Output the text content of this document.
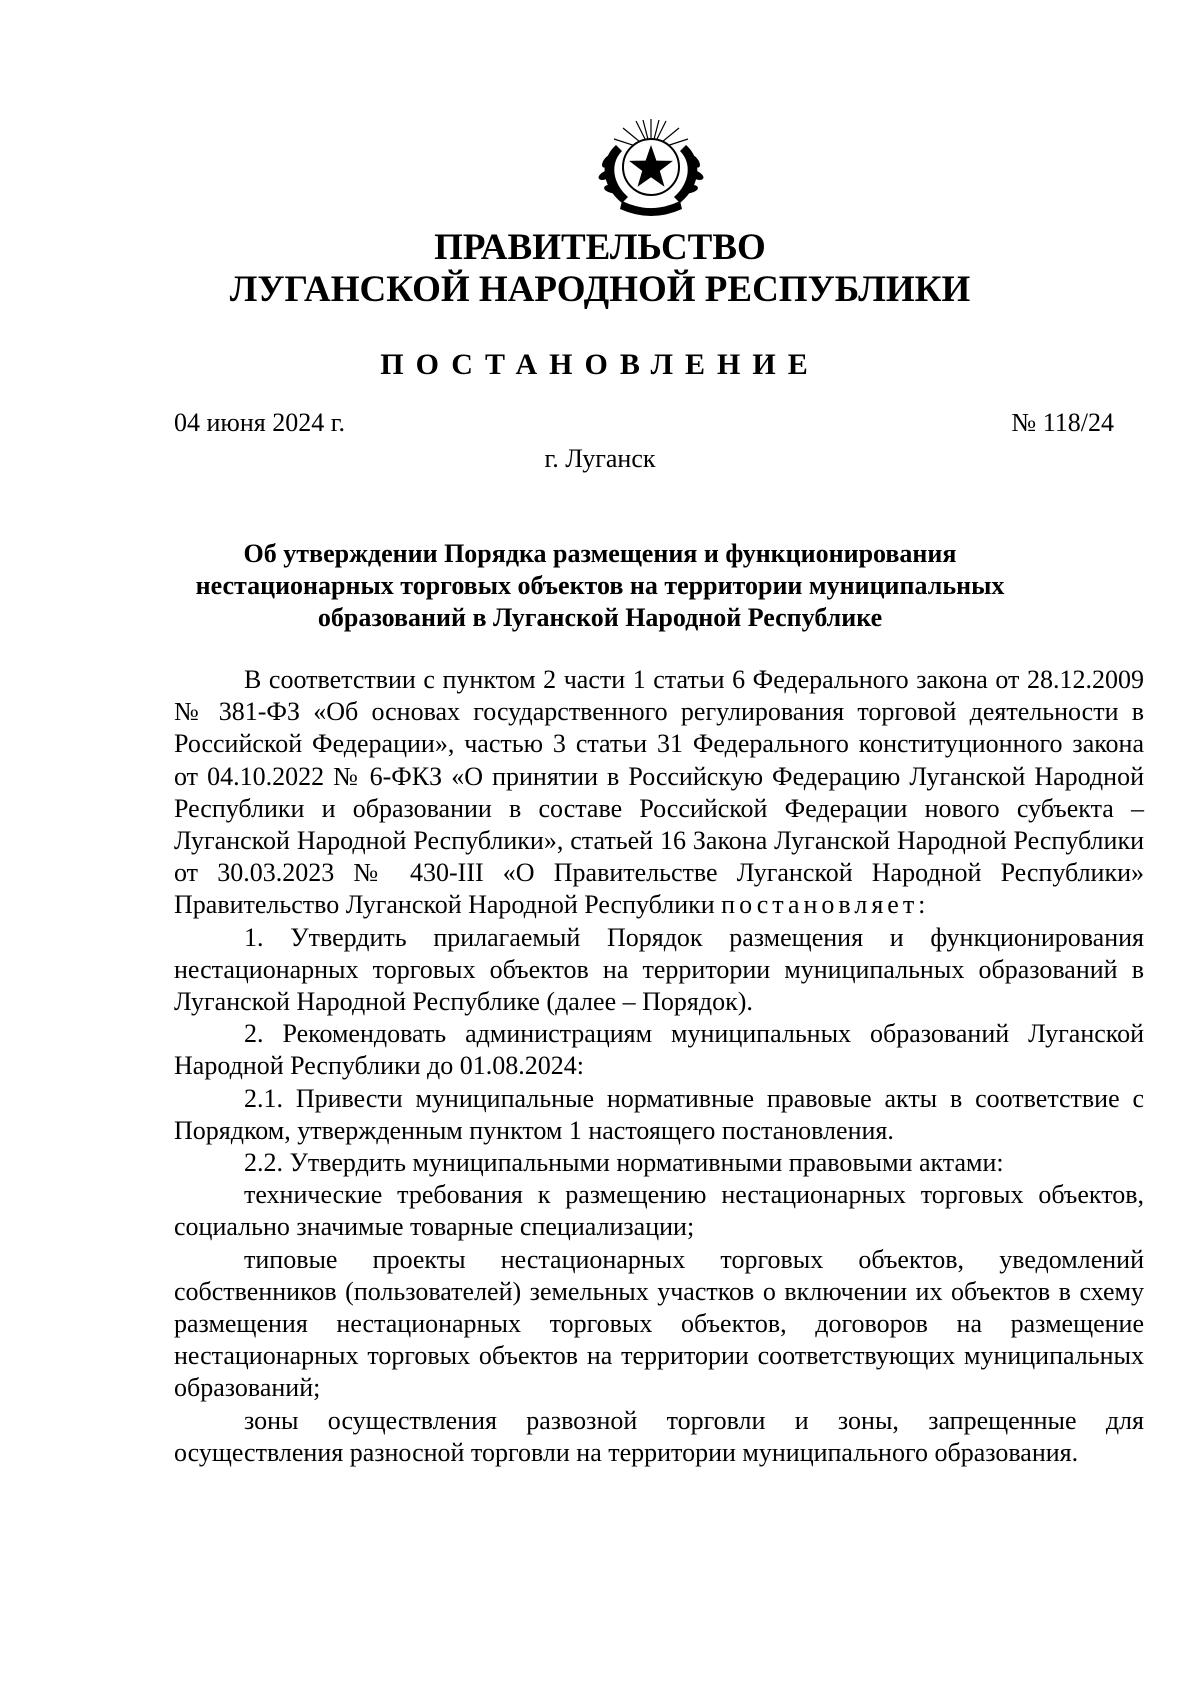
ПРАВИТЕЛЬСТВО
ЛУГАНСКОЙ НАРОДНОЙ РЕСПУБЛИКИ
ПОСТАНОВЛЕНИЕ
04 июня 2024 г.	№ 118/24
г. Луганск
Об утверждении Порядка размещения и функционирования
нестационарных торговых объектов на территории муниципальных
образований в Луганской Народной Республике

В соответствии с пунктом 2 части 1 статьи 6 Федерального закона от 28.12.2009 № 381-ФЗ «Об основах государственного регулирования торговой деятельности в Российской Федерации», частью 3 статьи 31 Федерального конституционного закона от 04.10.2022 № 6-ФКЗ «О принятии в Российскую Федерацию Луганской Народной Республики и образовании в составе Российской Федерации нового субъекта – Луганской Народной Республики», статьей 16 Закона Луганской Народной Республики от 30.03.2023 № 430-III «О Правительстве Луганской Народной Республики» Правительство Луганской Народной Республики постановляет:

1. Утвердить прилагаемый Порядок размещения и функционирования нестационарных торговых объектов на территории муниципальных образований в Луганской Народной Республике (далее – Порядок).

2. Рекомендовать администрациям муниципальных образований Луганской Народной Республики до 01.08.2024:

2.1. Привести муниципальные нормативные правовые акты в соответствие с Порядком, утвержденным пунктом 1 настоящего постановления.

2.2. Утвердить муниципальными нормативными правовыми актами:

технические требования к размещению нестационарных торговых объектов, социально значимые товарные специализации;

типовые проекты нестационарных торговых объектов, уведомлений собственников (пользователей) земельных участков о включении их объектов в схему размещения нестационарных торговых объектов, договоров на размещение нестационарных торговых объектов на территории соответствующих муниципальных образований;

зоны осуществления развозной торговли и зоны, запрещенные для осуществления разносной торговли на территории муниципального образования.
